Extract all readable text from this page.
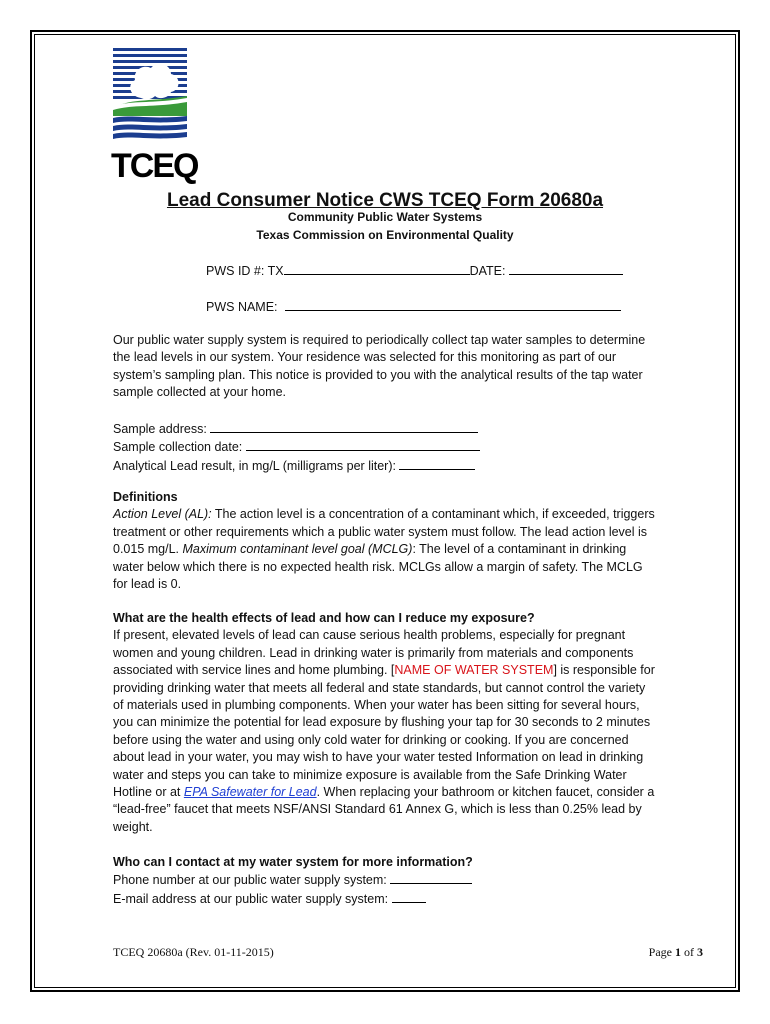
TCEQ
Lead Consumer Notice CWS TCEQ Form 20680a
Community Public Water Systems
Texas Commission on Environmental Quality
PWS ID #: TX	DATE:
PWS NAME:

Our public water supply system is required to periodically collect tap water samples to determine the lead levels in our system. Your residence was selected for this monitoring as part of our system’s sampling plan. This notice is provided to you with the analytical results of the tap water sample collected at your home.

Sample address:

Sample collection date:

Analytical Lead result, in mg/L (milligrams per liter):

Definitions

Action Level (AL): The action level is a concentration of a contaminant which, if exceeded, triggers treatment or other requirements which a public water system must follow. The lead action level is 0.015 mg/L. Maximum contaminant level goal (MCLG): The level of a contaminant in drinking water below which there is no expected health risk. MCLGs allow a margin of safety. The MCLG for lead is 0.

What are the health effects of lead and how can I reduce my exposure?

If present, elevated levels of lead can cause serious health problems, especially for pregnant women and young children. Lead in drinking water is primarily from materials and components associated with service lines and home plumbing. [NAME OF WATER SYSTEM] is responsible for providing drinking water that meets all federal and state standards, but cannot control the variety of materials used in plumbing components. When your water has been sitting for several hours, you can minimize the potential for lead exposure by flushing your tap for 30 seconds to 2 minutes before using the water and using only cold water for drinking or cooking. If you are concerned about lead in your water, you may wish to have your water tested Information on lead in drinking water and steps you can take to minimize exposure is available from the Safe Drinking Water Hotline or at EPA Safewater for Lead. When replacing your bathroom or kitchen faucet, consider a “lead-free” faucet that meets NSF/ANSI Standard 61 Annex G, which is less than 0.25% lead by weight.

Who can I contact at my water system for more information?

Phone number at our public water supply system:

E-mail address at our public water supply system:

TCEQ 20680a (Rev. 01-11-2015)	Page 1 of 3
